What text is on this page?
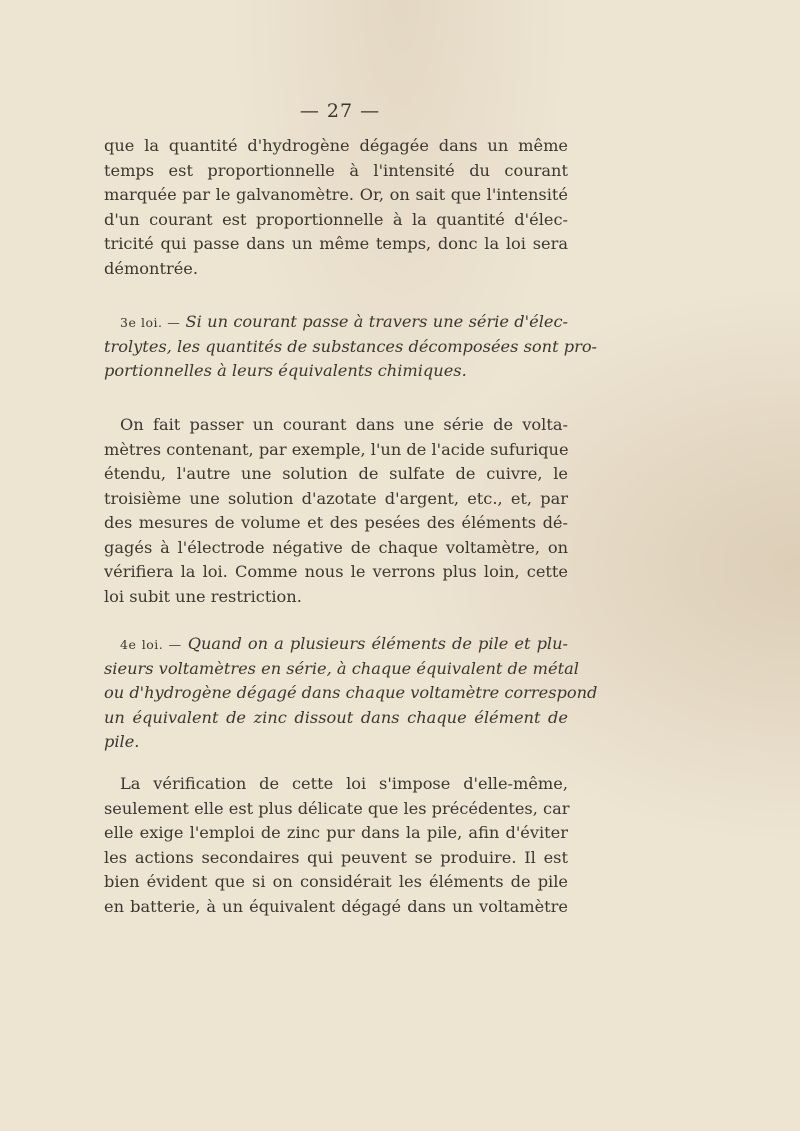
— 27 —
que la quantité d'hydrogène dégagée dans un même
temps est proportionnelle à l'intensité du courant
marquée par le galvanomètre. Or, on sait que l'intensité
d'un courant est proportionnelle à la quantité d'élec-
tricité qui passe dans un même temps, donc la loi sera
démontrée.
3e loi. — Si un courant passe à travers une série d'élec-
trolytes, les quantités de substances décomposées sont pro-
portionnelles à leurs équivalents chimiques.
On fait passer un courant dans une série de volta-
mètres contenant, par exemple, l'un de l'acide sufurique
étendu, l'autre une solution de sulfate de cuivre, le
troisième une solution d'azotate d'argent, etc., et, par
des mesures de volume et des pesées des éléments dé-
gagés à l'électrode négative de chaque voltamètre, on
vérifiera la loi. Comme nous le verrons plus loin, cette
loi subit une restriction.
4e loi. — Quand on a plusieurs éléments de pile et plu-
sieurs voltamètres en série, à chaque équivalent de métal
ou d'hydrogène dégagé dans chaque voltamètre correspond
un équivalent de zinc dissout dans chaque élément de
pile.
La vérification de cette loi s'impose d'elle-même,
seulement elle est plus délicate que les précédentes, car
elle exige l'emploi de zinc pur dans la pile, afin d'éviter
les actions secondaires qui peuvent se produire. Il est
bien évident que si on considérait les éléments de pile
en batterie, à un équivalent dégagé dans un voltamètre
